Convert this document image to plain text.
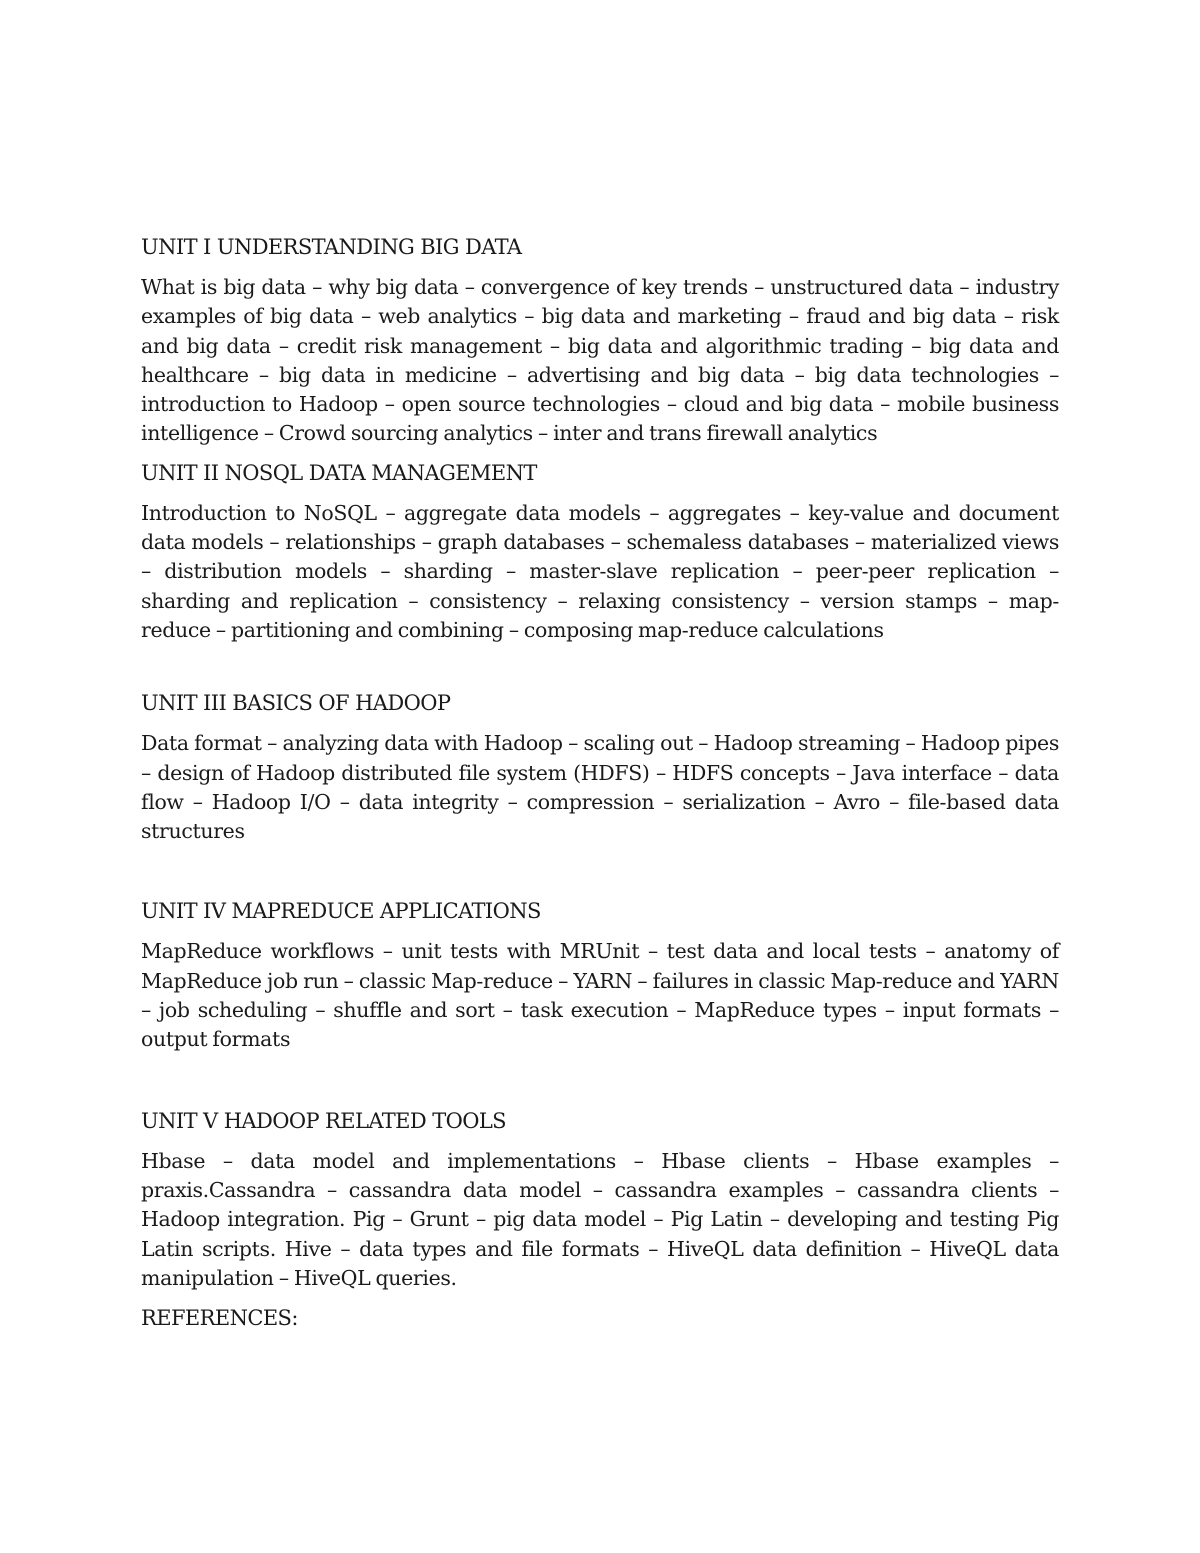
UNIT I UNDERSTANDING BIG DATA

What is big data – why big data – convergence of key trends – unstructured data – industry examples of big data – web analytics – big data and marketing – fraud and big data – risk and big data – credit risk management – big data and algorithmic trading – big data and healthcare – big data in medicine – advertising and big data – big data technologies – introduction to Hadoop – open source technologies – cloud and big data – mobile business intelligence – Crowd sourcing analytics – inter and trans firewall analytics

UNIT II NOSQL DATA MANAGEMENT

Introduction to NoSQL – aggregate data models – aggregates – key-value and document data models – relationships – graph databases – schemaless databases – materialized views – distribution models – sharding – master-slave replication – peer-peer replication – sharding and replication – consistency – relaxing consistency – version stamps – map-reduce – partitioning and combining – composing map-reduce calculations

UNIT III BASICS OF HADOOP

Data format – analyzing data with Hadoop – scaling out – Hadoop streaming – Hadoop pipes – design of Hadoop distributed file system (HDFS) – HDFS concepts – Java interface – data flow – Hadoop I/O – data integrity – compression – serialization – Avro – file-based data structures

UNIT IV MAPREDUCE APPLICATIONS

MapReduce workflows – unit tests with MRUnit – test data and local tests – anatomy of MapReduce job run – classic Map-reduce – YARN – failures in classic Map-reduce and YARN – job scheduling – shuffle and sort – task execution – MapReduce types – input formats – output formats

UNIT V HADOOP RELATED TOOLS

Hbase – data model and implementations – Hbase clients – Hbase examples – praxis.Cassandra – cassandra data model – cassandra examples – cassandra clients – Hadoop integration. Pig – Grunt – pig data model – Pig Latin – developing and testing Pig Latin scripts. Hive – data types and file formats – HiveQL data definition – HiveQL data manipulation – HiveQL queries.

REFERENCES:
